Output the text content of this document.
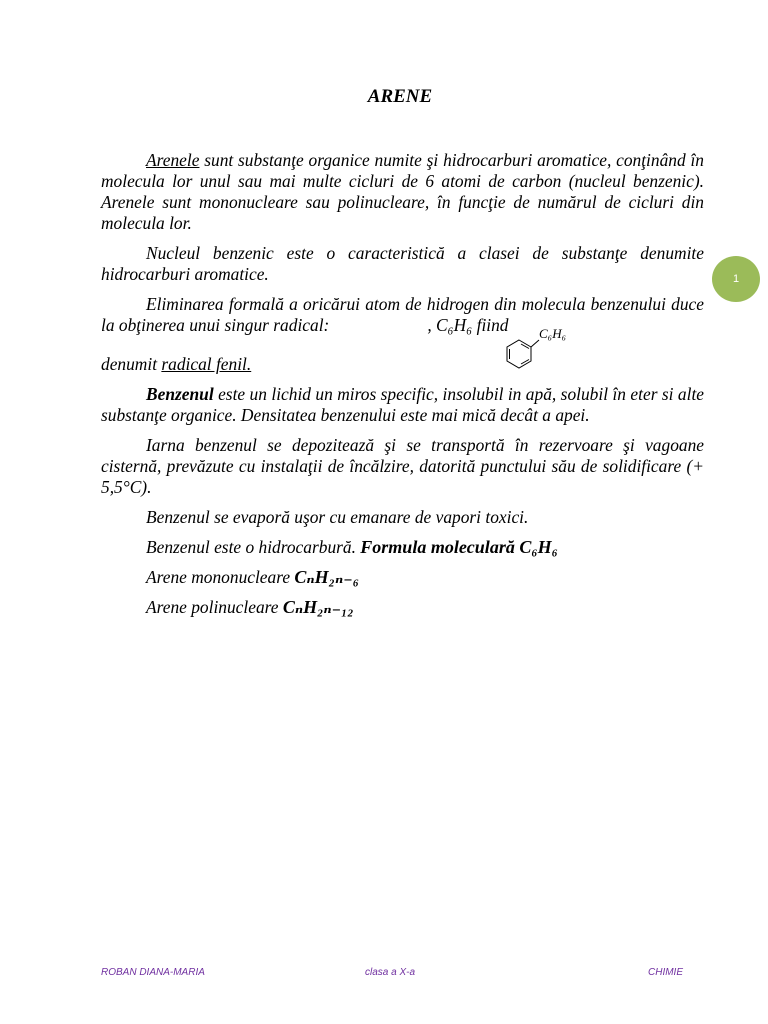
ARENE

Arenele sunt substanţe organice numite şi hidrocarburi aromatice, conţinând în molecula lor unul sau mai multe cicluri de 6 atomi de carbon (nucleul benzenic). Arenele sunt mononucleare sau polinucleare, în funcţie de numărul de cicluri din molecula lor.

Nucleul benzenic este o caracteristică a clasei de substanţe denumite hidrocarburi aromatice.

Eliminarea formală a oricărui atom de hidrogen din molecula benzenului duce la obţinerea unui singur radical:	, C₆H₆ fiind

denumit radical fenil.

Benzenul este un lichid un miros specific, insolubil in apă, solubil în eter si alte substanţe organice. Densitatea benzenului este mai mică decât a apei.

Iarna benzenul se depozitează şi se transportă în rezervoare şi vagoane cisternă, prevăzute cu instalaţii de încălzire, datorită punctului său de solidificare (+ 5,5°C).

Benzenul se evaporă uşor cu emanare de vapori toxici.

Benzenul este o hidrocarbură. Formula moleculară C₆H₆

Arene mononucleare CₙH₂ₙ₋₆

Arene polinucleare CₙH₂ₙ₋₁₂

C₆H₆
1
ROBAN DIANA-MARIA	clasa a X-a	CHIMIE
